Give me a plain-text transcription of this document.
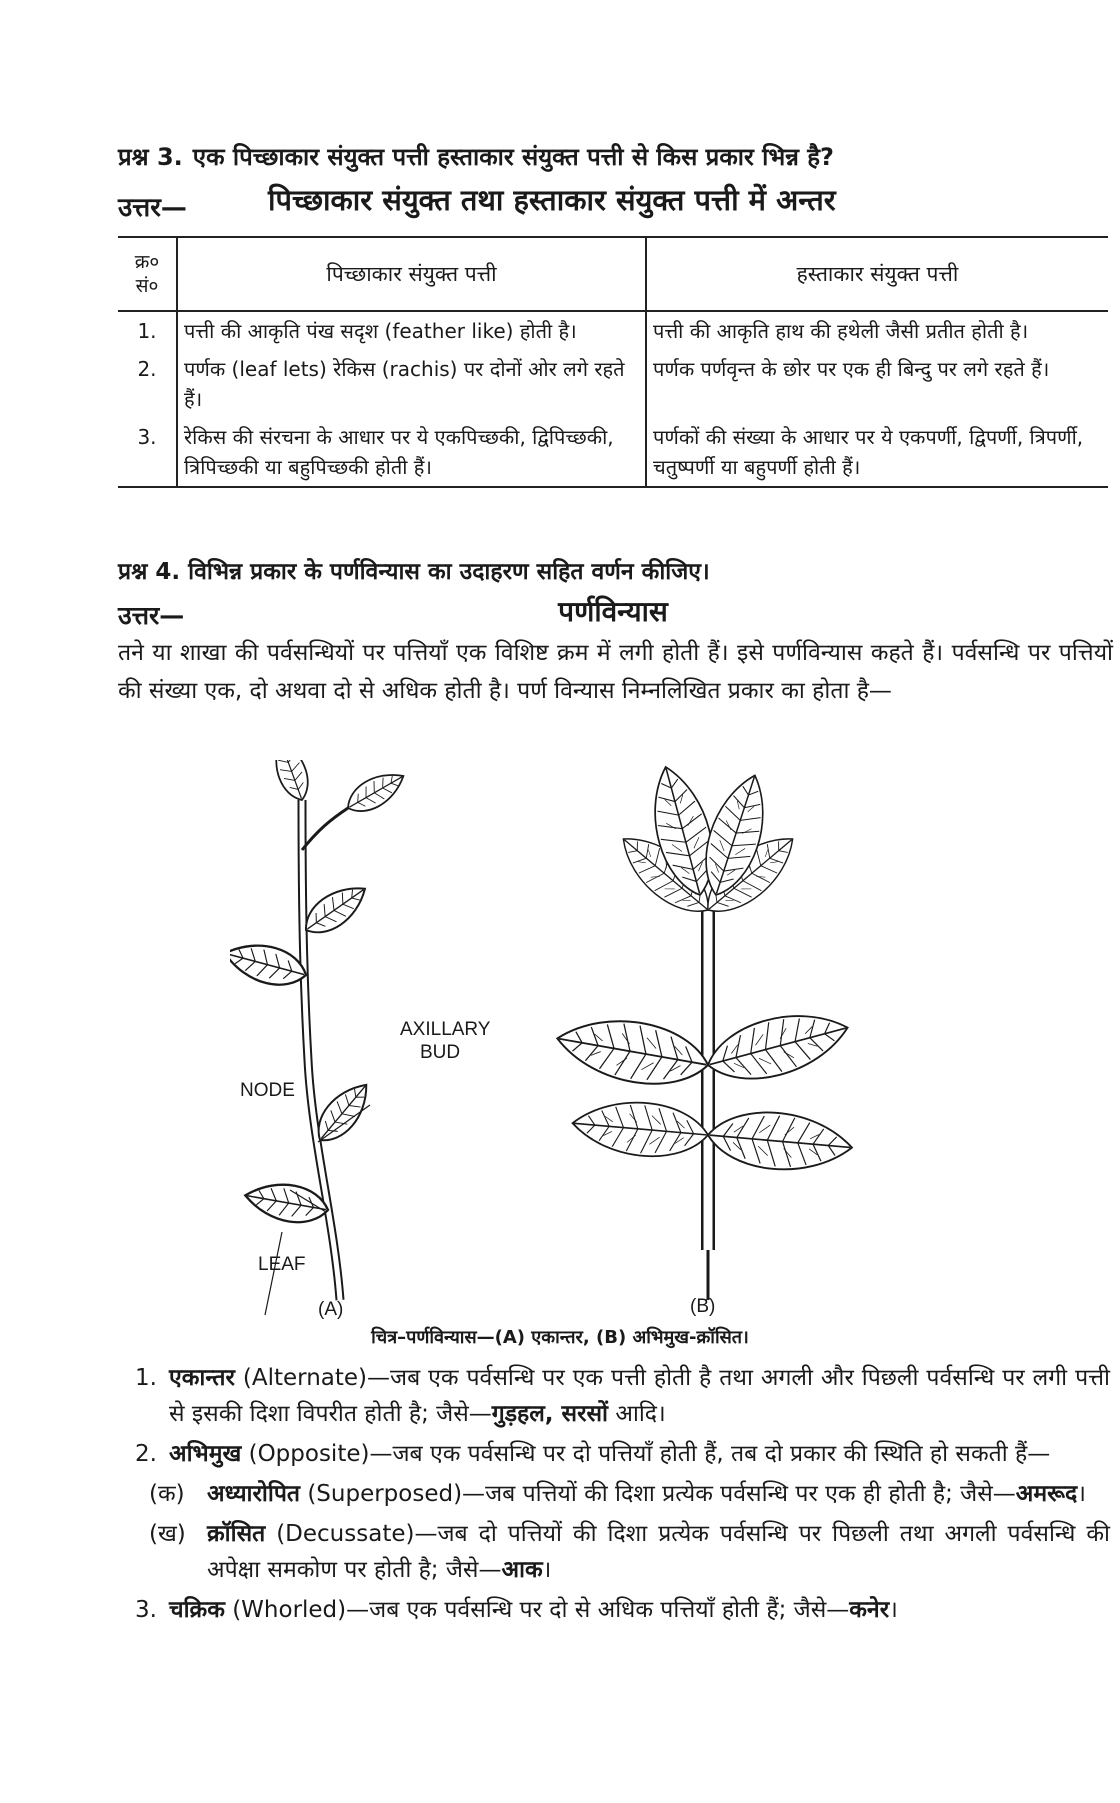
प्रश्न 3. एक पिच्छाकार संयुक्त पत्ती हस्ताकार संयुक्त पत्ती से किस प्रकार भिन्न है?
उत्तर—	पिच्छाकार संयुक्त तथा हस्ताकार संयुक्त पत्ती में अन्तर
क्र० सं०	पिच्छाकार संयुक्त पत्ती	हस्ताकार संयुक्त पत्ती
1.	पत्ती की आकृति पंख सदृश (feather like) होती है।	पत्ती की आकृति हाथ की हथेली जैसी प्रतीत होती है।
2.	पर्णक (leaf lets) रेकिस (rachis) पर दोनों ओर लगे रहते हैं।	पर्णक पर्णवृन्त के छोर पर एक ही बिन्दु पर लगे रहते हैं।
3.	रेकिस की संरचना के आधार पर ये एकपिच्छकी, द्विपिच्छकी, त्रिपिच्छकी या बहुपिच्छकी होती हैं।	पर्णकों की संख्या के आधार पर ये एकपर्णी, द्विपर्णी, त्रिपर्णी, चतुष्पर्णी या बहुपर्णी होती हैं।
प्रश्न 4. विभिन्न प्रकार के पर्णविन्यास का उदाहरण सहित वर्णन कीजिए।
उत्तर—	पर्णविन्यास
तने या शाखा की पर्वसन्धियों पर पत्तियाँ एक विशिष्ट क्रम में लगी होती हैं। इसे पर्णविन्यास कहते हैं। पर्वसन्धि पर पत्तियों की संख्या एक, दो अथवा दो से अधिक होती है। पर्ण विन्यास निम्नलिखित प्रकार का होता है—
AXILLARY
BUD
NODE
LEAF
(A)	(B)
चित्र–पर्णविन्यास—(A) एकान्तर, (B) अभिमुख-क्रॉसित।
1. एकान्तर (Alternate)—जब एक पर्वसन्धि पर एक पत्ती होती है तथा अगली और पिछली पर्वसन्धि पर लगी पत्ती से इसकी दिशा विपरीत होती है; जैसे—गुड़हल, सरसों आदि।
2. अभिमुख (Opposite)—जब एक पर्वसन्धि पर दो पत्तियाँ होती हैं, तब दो प्रकार की स्थिति हो सकती हैं—
(क) अध्यारोपित (Superposed)—जब पत्तियों की दिशा प्रत्येक पर्वसन्धि पर एक ही होती है; जैसे—अमरूद।
(ख) क्रॉसित (Decussate)—जब दो पत्तियों की दिशा प्रत्येक पर्वसन्धि पर पिछली तथा अगली पर्वसन्धि की अपेक्षा समकोण पर होती है; जैसे—आक।
3. चक्रिक (Whorled)—जब एक पर्वसन्धि पर दो से अधिक पत्तियाँ होती हैं; जैसे—कनेर।
